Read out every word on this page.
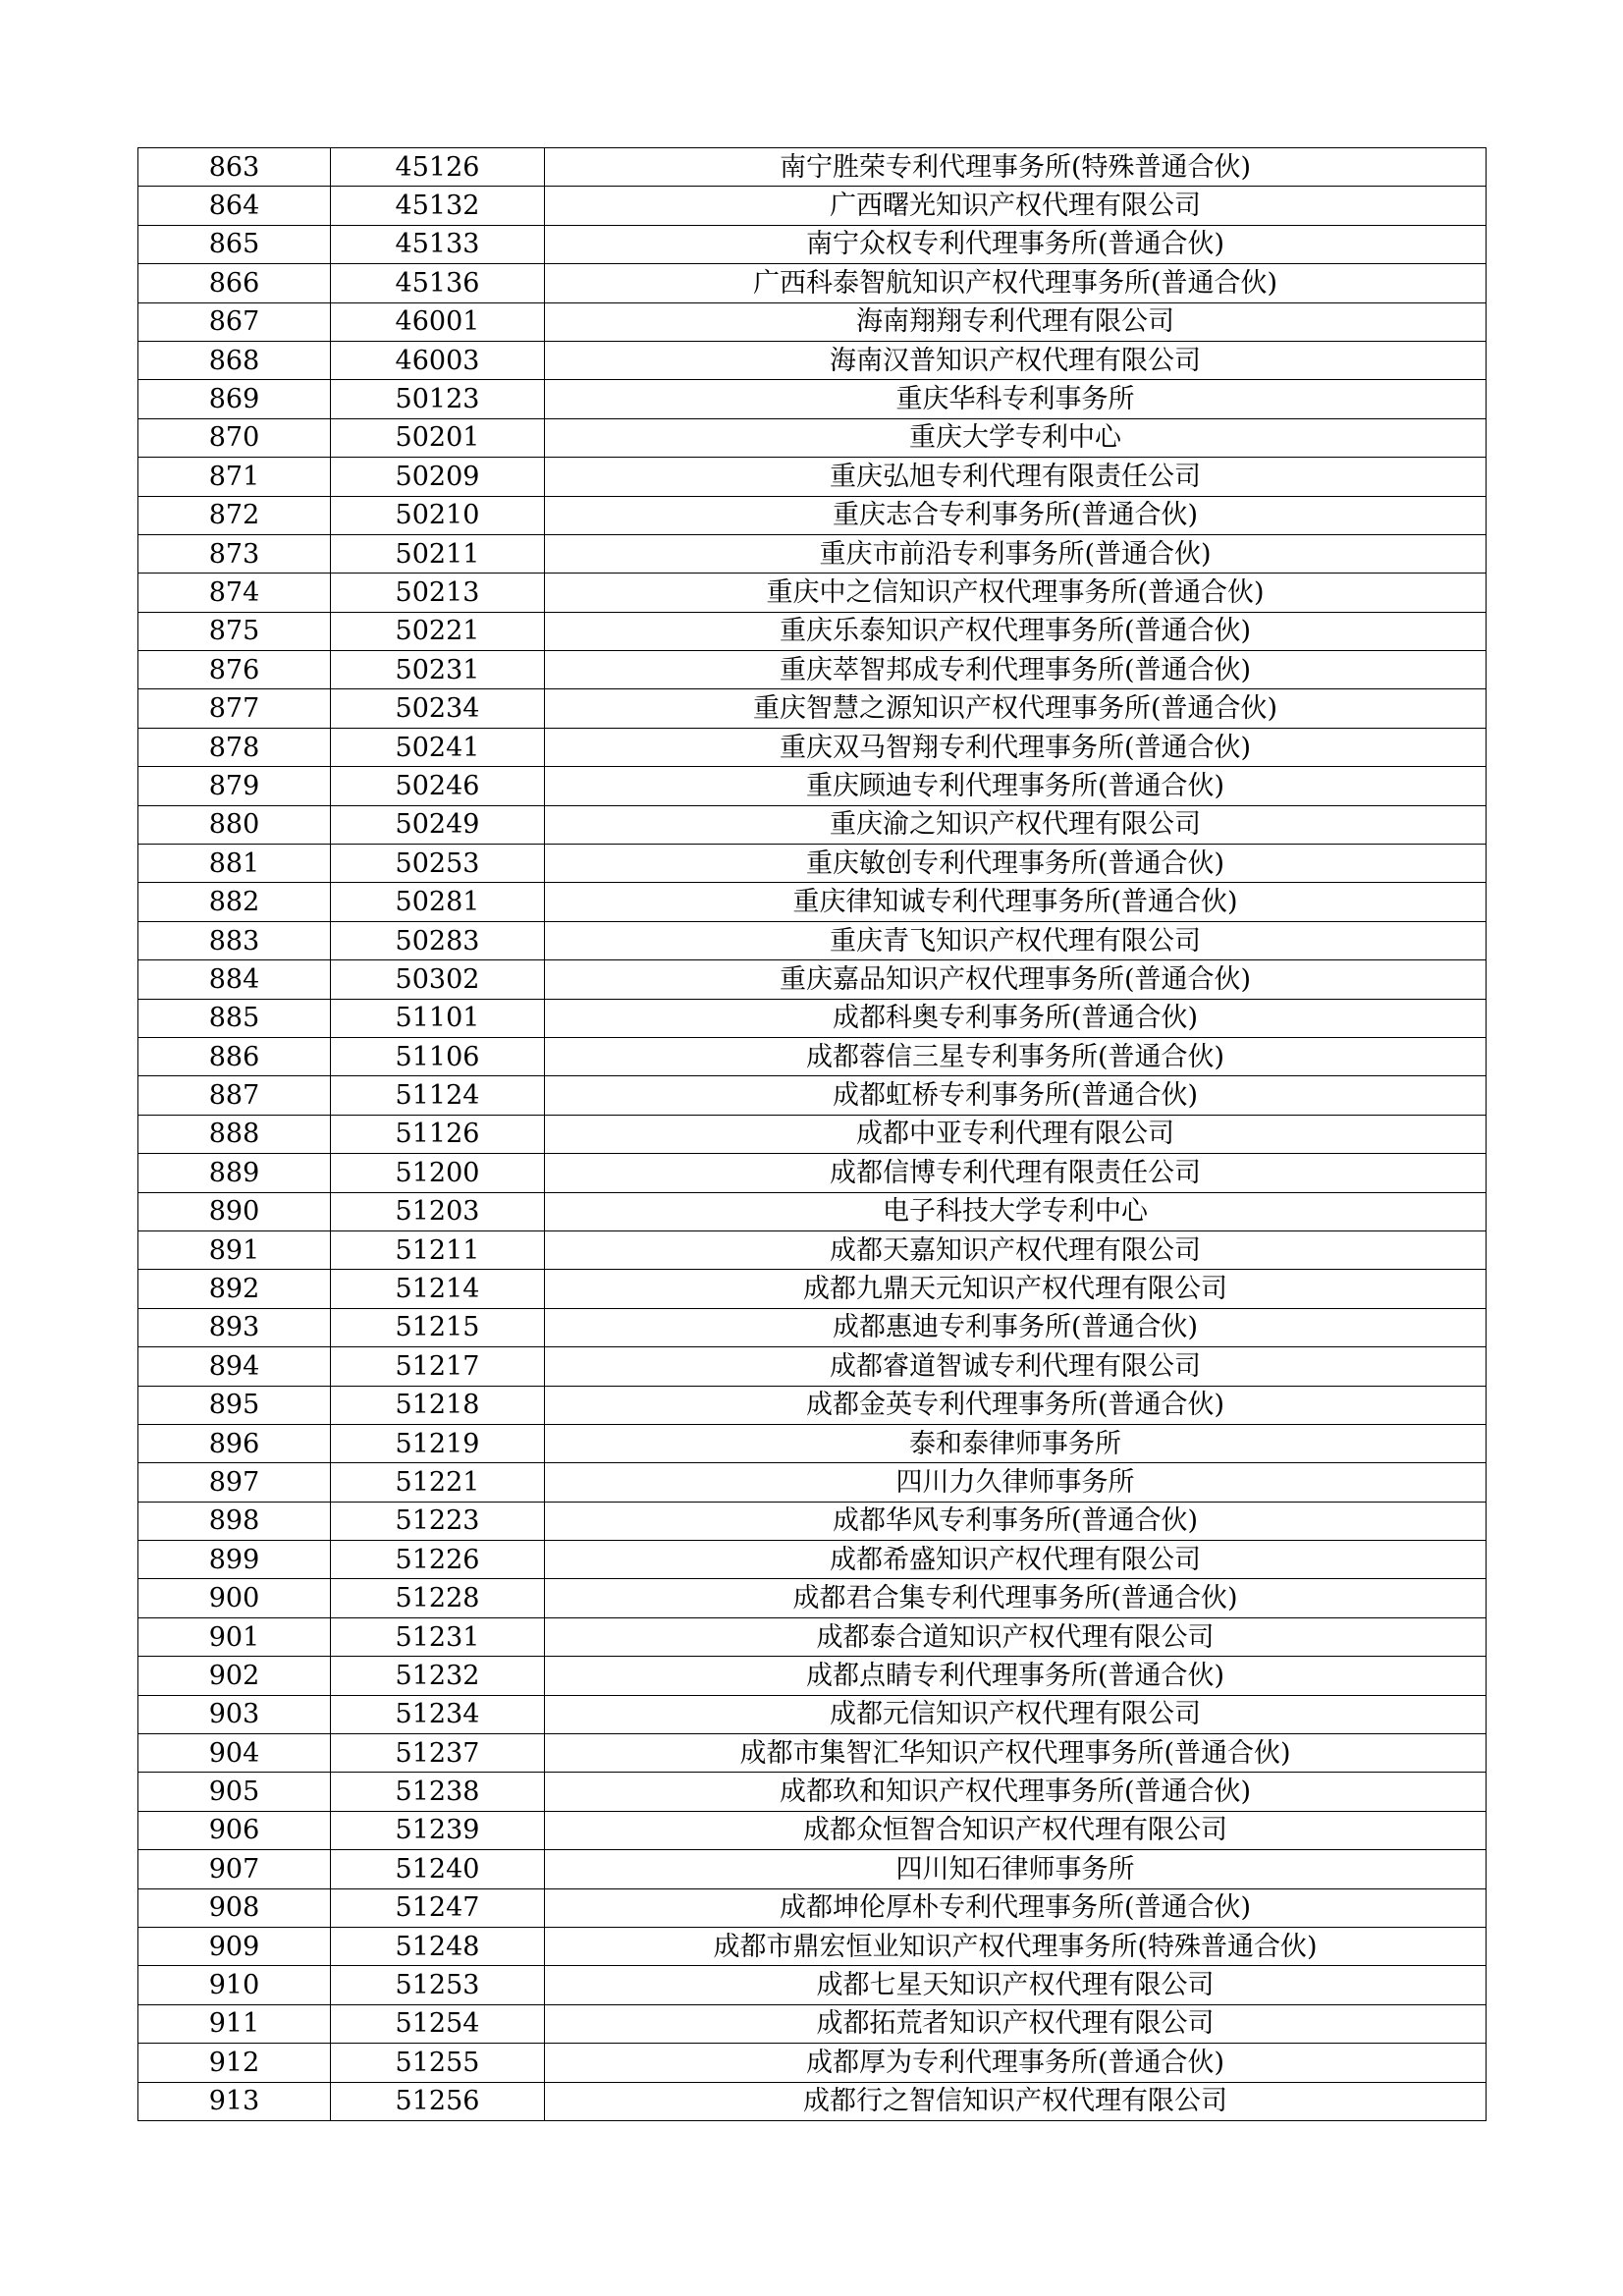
863	45126	南宁胜荣专利代理事务所(特殊普通合伙)
864	45132	广西曙光知识产权代理有限公司
865	45133	南宁众权专利代理事务所(普通合伙)
866	45136	广西科泰智航知识产权代理事务所(普通合伙)
867	46001	海南翔翔专利代理有限公司
868	46003	海南汉普知识产权代理有限公司
869	50123	重庆华科专利事务所
870	50201	重庆大学专利中心
871	50209	重庆弘旭专利代理有限责任公司
872	50210	重庆志合专利事务所(普通合伙)
873	50211	重庆市前沿专利事务所(普通合伙)
874	50213	重庆中之信知识产权代理事务所(普通合伙)
875	50221	重庆乐泰知识产权代理事务所(普通合伙)
876	50231	重庆萃智邦成专利代理事务所(普通合伙)
877	50234	重庆智慧之源知识产权代理事务所(普通合伙)
878	50241	重庆双马智翔专利代理事务所(普通合伙)
879	50246	重庆顾迪专利代理事务所(普通合伙)
880	50249	重庆渝之知识产权代理有限公司
881	50253	重庆敏创专利代理事务所(普通合伙)
882	50281	重庆律知诚专利代理事务所(普通合伙)
883	50283	重庆青飞知识产权代理有限公司
884	50302	重庆嘉品知识产权代理事务所(普通合伙)
885	51101	成都科奥专利事务所(普通合伙)
886	51106	成都蓉信三星专利事务所(普通合伙)
887	51124	成都虹桥专利事务所(普通合伙)
888	51126	成都中亚专利代理有限公司
889	51200	成都信博专利代理有限责任公司
890	51203	电子科技大学专利中心
891	51211	成都天嘉知识产权代理有限公司
892	51214	成都九鼎天元知识产权代理有限公司
893	51215	成都惠迪专利事务所(普通合伙)
894	51217	成都睿道智诚专利代理有限公司
895	51218	成都金英专利代理事务所(普通合伙)
896	51219	泰和泰律师事务所
897	51221	四川力久律师事务所
898	51223	成都华风专利事务所(普通合伙)
899	51226	成都希盛知识产权代理有限公司
900	51228	成都君合集专利代理事务所(普通合伙)
901	51231	成都泰合道知识产权代理有限公司
902	51232	成都点睛专利代理事务所(普通合伙)
903	51234	成都元信知识产权代理有限公司
904	51237	成都市集智汇华知识产权代理事务所(普通合伙)
905	51238	成都玖和知识产权代理事务所(普通合伙)
906	51239	成都众恒智合知识产权代理有限公司
907	51240	四川知石律师事务所
908	51247	成都坤伦厚朴专利代理事务所(普通合伙)
909	51248	成都市鼎宏恒业知识产权代理事务所(特殊普通合伙)
910	51253	成都七星天知识产权代理有限公司
911	51254	成都拓荒者知识产权代理有限公司
912	51255	成都厚为专利代理事务所(普通合伙)
913	51256	成都行之智信知识产权代理有限公司
